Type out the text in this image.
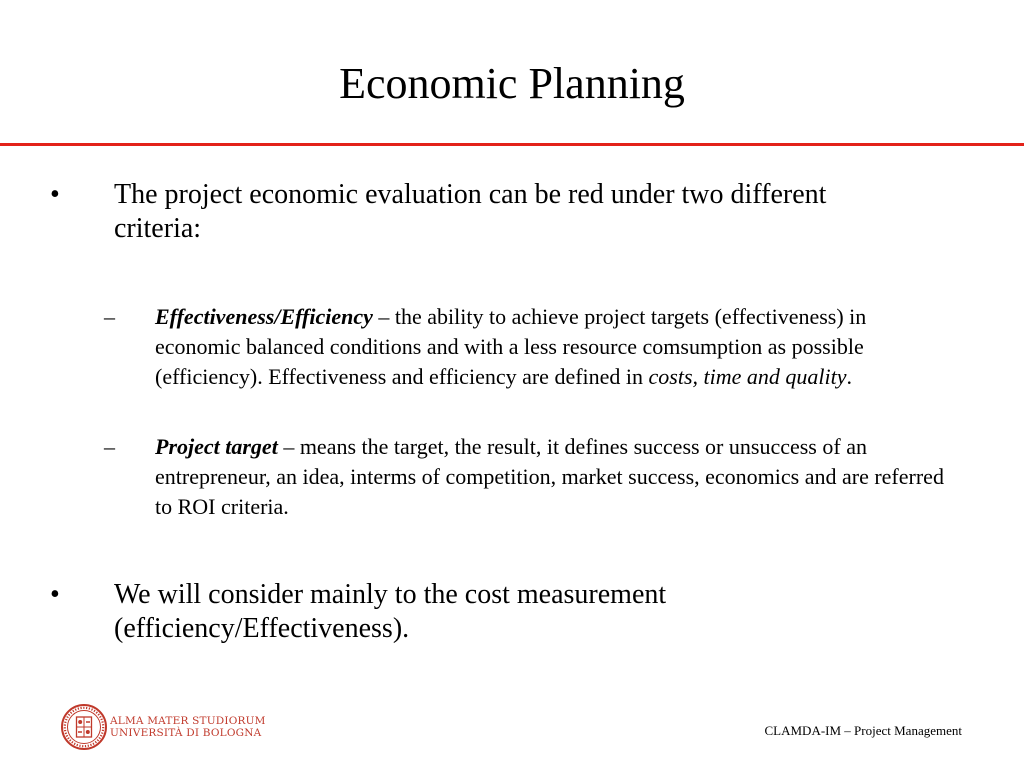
Economic Planning
• The project economic evaluation can be red under two different criteria:
– Effectiveness/Efficiency – the ability to achieve project targets (effectiveness) in economic balanced conditions and with a less resource comsumption as possible (efficiency). Effectiveness and efficiency are defined in costs, time and quality.
– Project target – means the target, the result, it defines success or unsuccess of an entrepreneur, an idea, interms of competition, market success, economics and are referred to ROI criteria.
• We will consider mainly to the cost measurement (efficiency/Effectiveness).
ALMA MATER STUDIORUM
UNIVERSITÀ DI BOLOGNA	CLAMDA-IM – Project Management
